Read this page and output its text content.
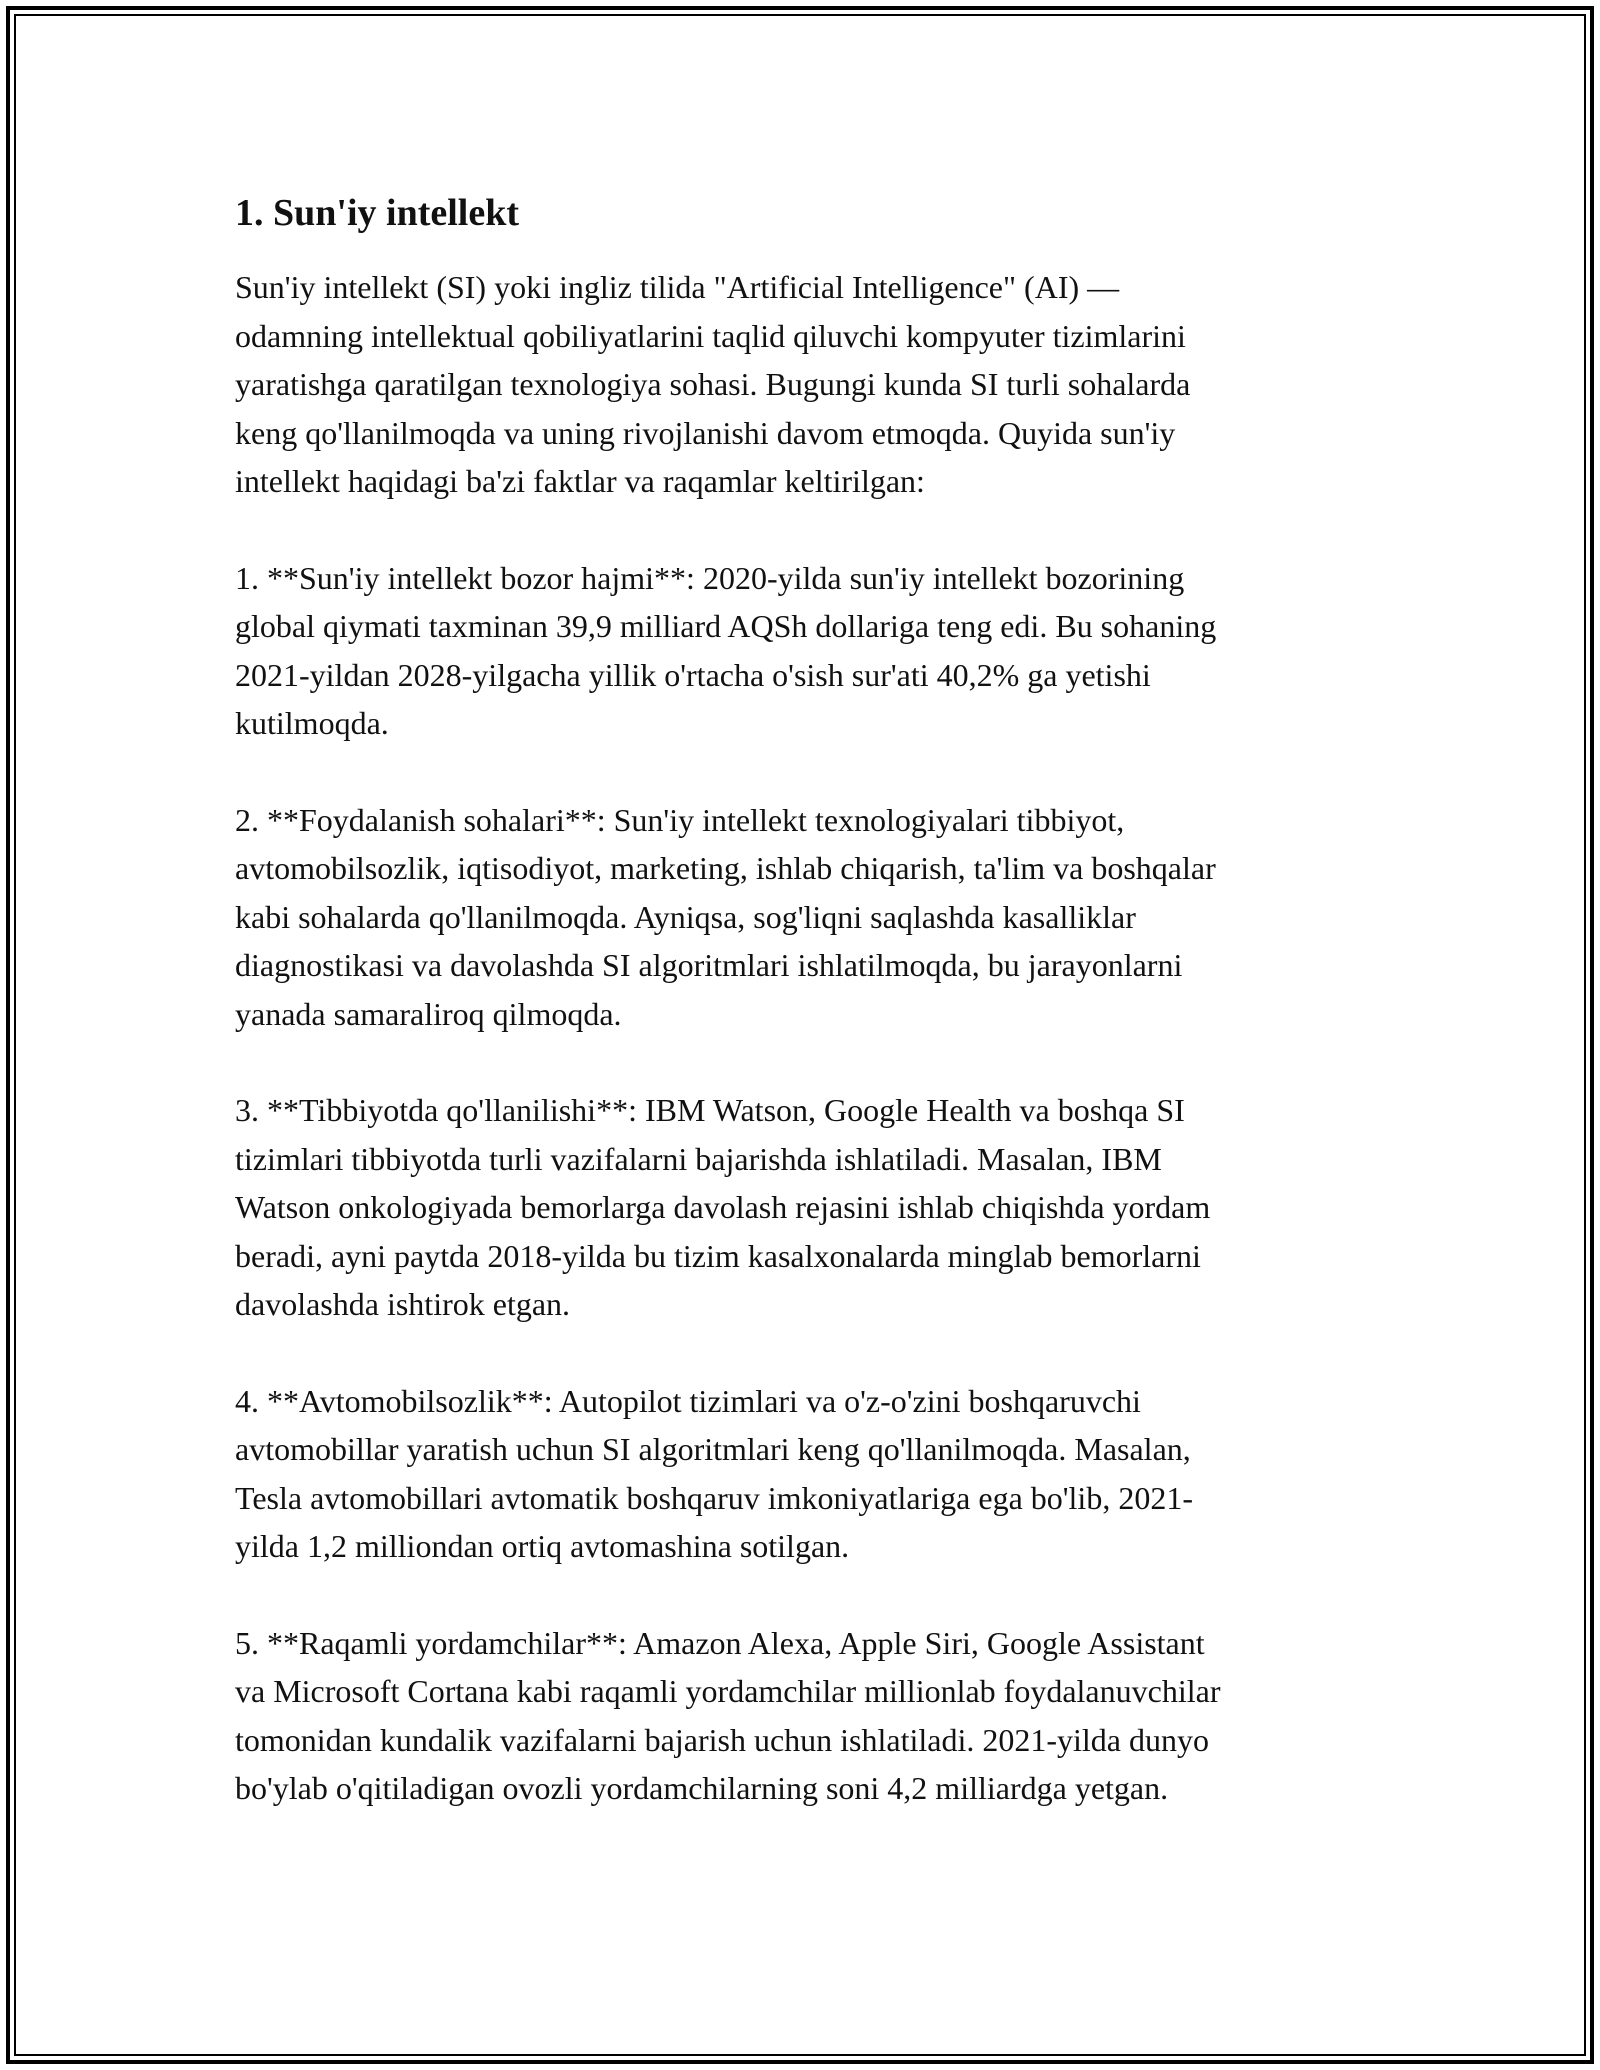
1. Sun'iy intellekt

Sun'iy intellekt (SI) yoki ingliz tilida "Artificial Intelligence" (AI) —
odamning intellektual qobiliyatlarini taqlid qiluvchi kompyuter tizimlarini
yaratishga qaratilgan texnologiya sohasi. Bugungi kunda SI turli sohalarda
keng qo'llanilmoqda va uning rivojlanishi davom etmoqda. Quyida sun'iy
intellekt haqidagi ba'zi faktlar va raqamlar keltirilgan:

1. **Sun'iy intellekt bozor hajmi**: 2020-yilda sun'iy intellekt bozorining
global qiymati taxminan 39,9 milliard AQSh dollariga teng edi. Bu sohaning
2021-yildan 2028-yilgacha yillik o'rtacha o'sish sur'ati 40,2% ga yetishi
kutilmoqda.

2. **Foydalanish sohalari**: Sun'iy intellekt texnologiyalari tibbiyot,
avtomobilsozlik, iqtisodiyot, marketing, ishlab chiqarish, ta'lim va boshqalar
kabi sohalarda qo'llanilmoqda. Ayniqsa, sog'liqni saqlashda kasalliklar
diagnostikasi va davolashda SI algoritmlari ishlatilmoqda, bu jarayonlarni
yanada samaraliroq qilmoqda.

3. **Tibbiyotda qo'llanilishi**: IBM Watson, Google Health va boshqa SI
tizimlari tibbiyotda turli vazifalarni bajarishda ishlatiladi. Masalan, IBM
Watson onkologiyada bemorlarga davolash rejasini ishlab chiqishda yordam
beradi, ayni paytda 2018-yilda bu tizim kasalxonalarda minglab bemorlarni
davolashda ishtirok etgan.

4. **Avtomobilsozlik**: Autopilot tizimlari va o'z-o'zini boshqaruvchi
avtomobillar yaratish uchun SI algoritmlari keng qo'llanilmoqda. Masalan,
Tesla avtomobillari avtomatik boshqaruv imkoniyatlariga ega bo'lib, 2021-
yilda 1,2 milliondan ortiq avtomashina sotilgan.

5. **Raqamli yordamchilar**: Amazon Alexa, Apple Siri, Google Assistant
va Microsoft Cortana kabi raqamli yordamchilar millionlab foydalanuvchilar
tomonidan kundalik vazifalarni bajarish uchun ishlatiladi. 2021-yilda dunyo
bo'ylab o'qitiladigan ovozli yordamchilarning soni 4,2 milliardga yetgan.
